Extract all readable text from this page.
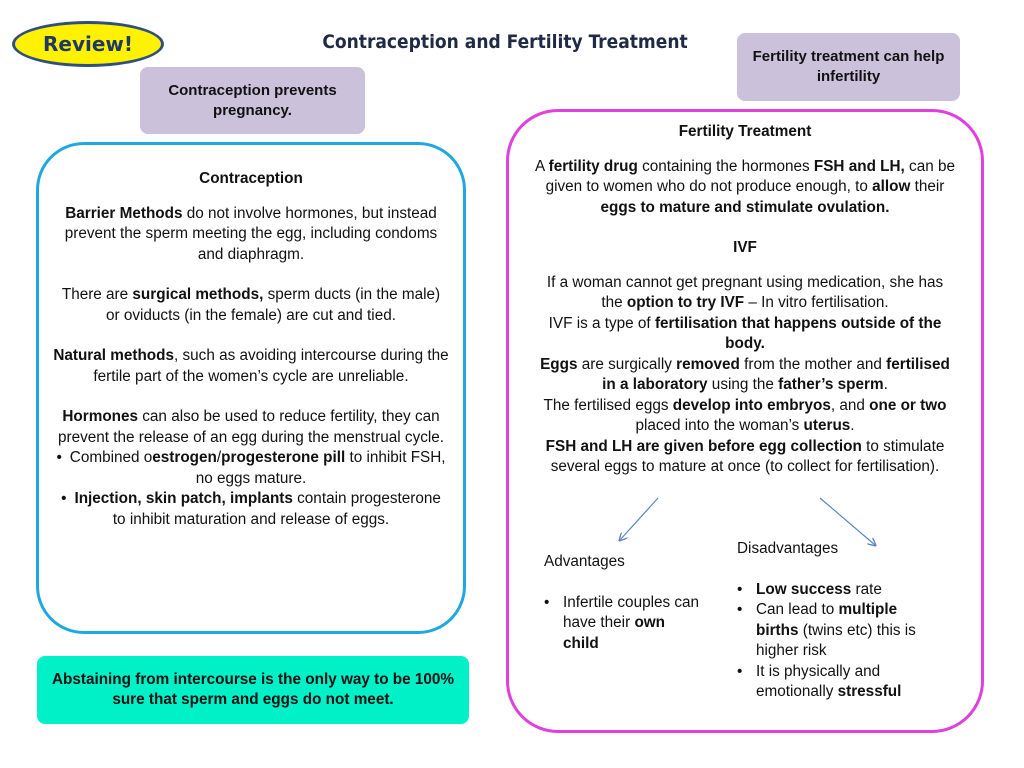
Review!	Contraception and Fertility Treatment
Contraception prevents pregnancy.
Fertility treatment can help infertility

Contraception

Barrier Methods do not involve hormones, but instead prevent the sperm meeting the egg, including condoms and diaphragm.

There are surgical methods, sperm ducts (in the male) or oviducts (in the female) are cut and tied.

Natural methods, such as avoiding intercourse during the fertile part of the women’s cycle are unreliable.

Hormones can also be used to reduce fertility, they can prevent the release of an egg during the menstrual cycle.

• Combined oestrogen/progesterone pill to inhibit FSH, no eggs mature.
• Injection, skin patch, implants contain progesterone to inhibit maturation and release of eggs.
Abstaining from intercourse is the only way to be 100% sure that sperm and eggs do not meet.

Fertility Treatment

A fertility drug containing the hormones FSH and LH, can be given to women who do not produce enough, to allow their eggs to mature and stimulate ovulation.

IVF

If a woman cannot get pregnant using medication, she has the option to try IVF – In vitro fertilisation.

IVF is a type of fertilisation that happens outside of the body.

Eggs are surgically removed from the mother and fertilised in a laboratory using the father’s sperm.

The fertilised eggs develop into embryos, and one or two placed into the woman’s uterus.

FSH and LH are given before egg collection to stimulate several eggs to mature at once (to collect for fertilisation).

Advantages

• Infertile couples can have their own child

Disadvantages

• Low success rate
• Can lead to multiple births (twins etc) this is higher risk
• It is physically and emotionally stressful
